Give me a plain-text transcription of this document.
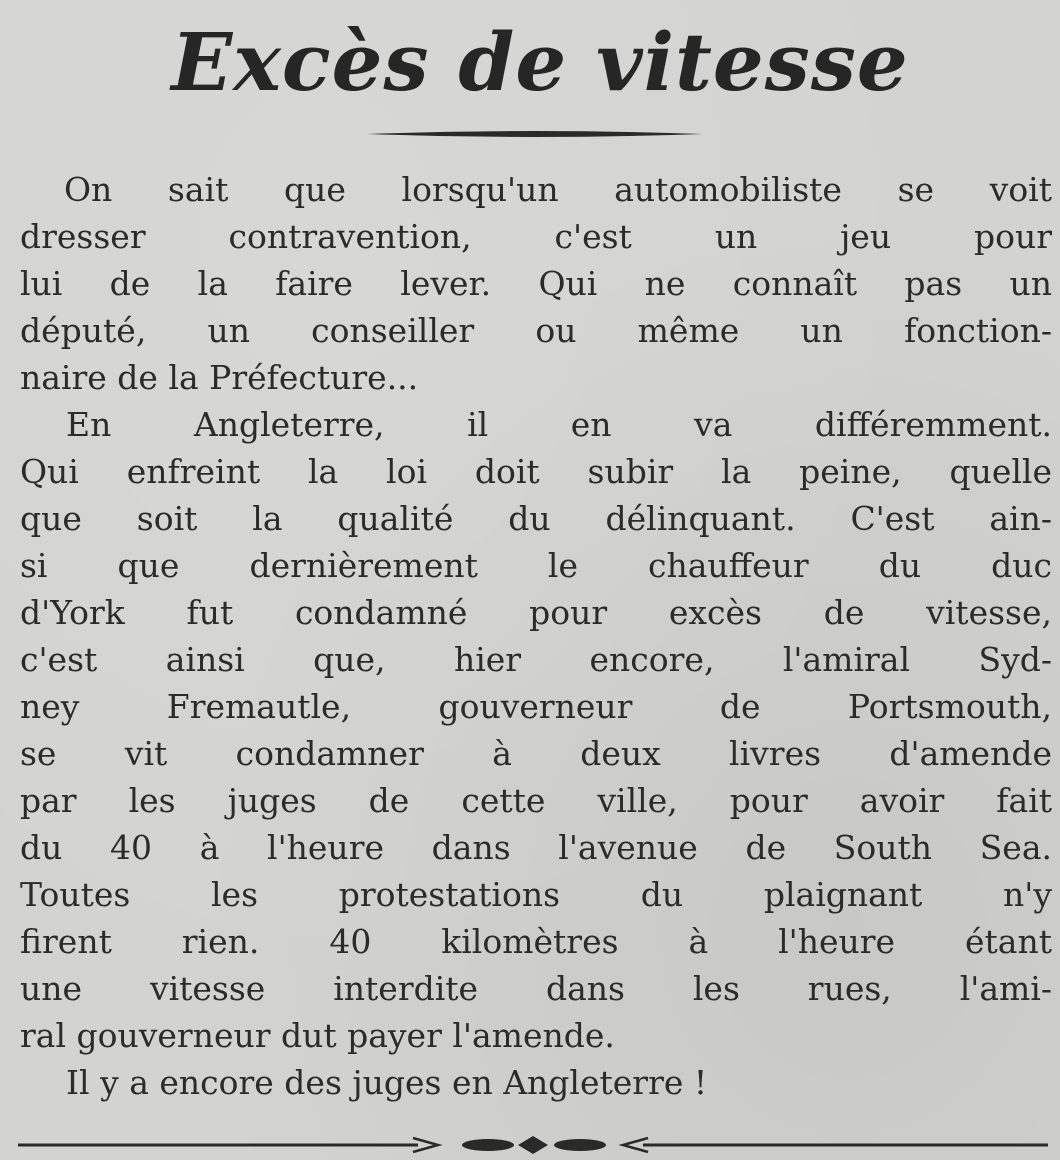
Excès de vitesse
On sait que lorsqu'un automobiliste se voit
dresser contravention, c'est un jeu pour
lui de la faire lever. Qui ne connaît pas un
député, un conseiller ou même un fonction-
naire de la Préfecture...
En Angleterre, il en va différemment.
Qui enfreint la loi doit subir la peine, quelle
que soit la qualité du délinquant. C'est ain-
si que dernièrement le chauffeur du duc
d'York fut condamné pour excès de vitesse,
c'est ainsi que, hier encore, l'amiral Syd-
ney Fremautle, gouverneur de Portsmouth,
se vit condamner à deux livres d'amende
par les juges de cette ville, pour avoir fait
du 40 à l'heure dans l'avenue de South Sea.
Toutes les protestations du plaignant n'y
firent rien. 40 kilomètres à l'heure étant
une vitesse interdite dans les rues, l'ami-
ral gouverneur dut payer l'amende.
Il y a encore des juges en Angleterre !
